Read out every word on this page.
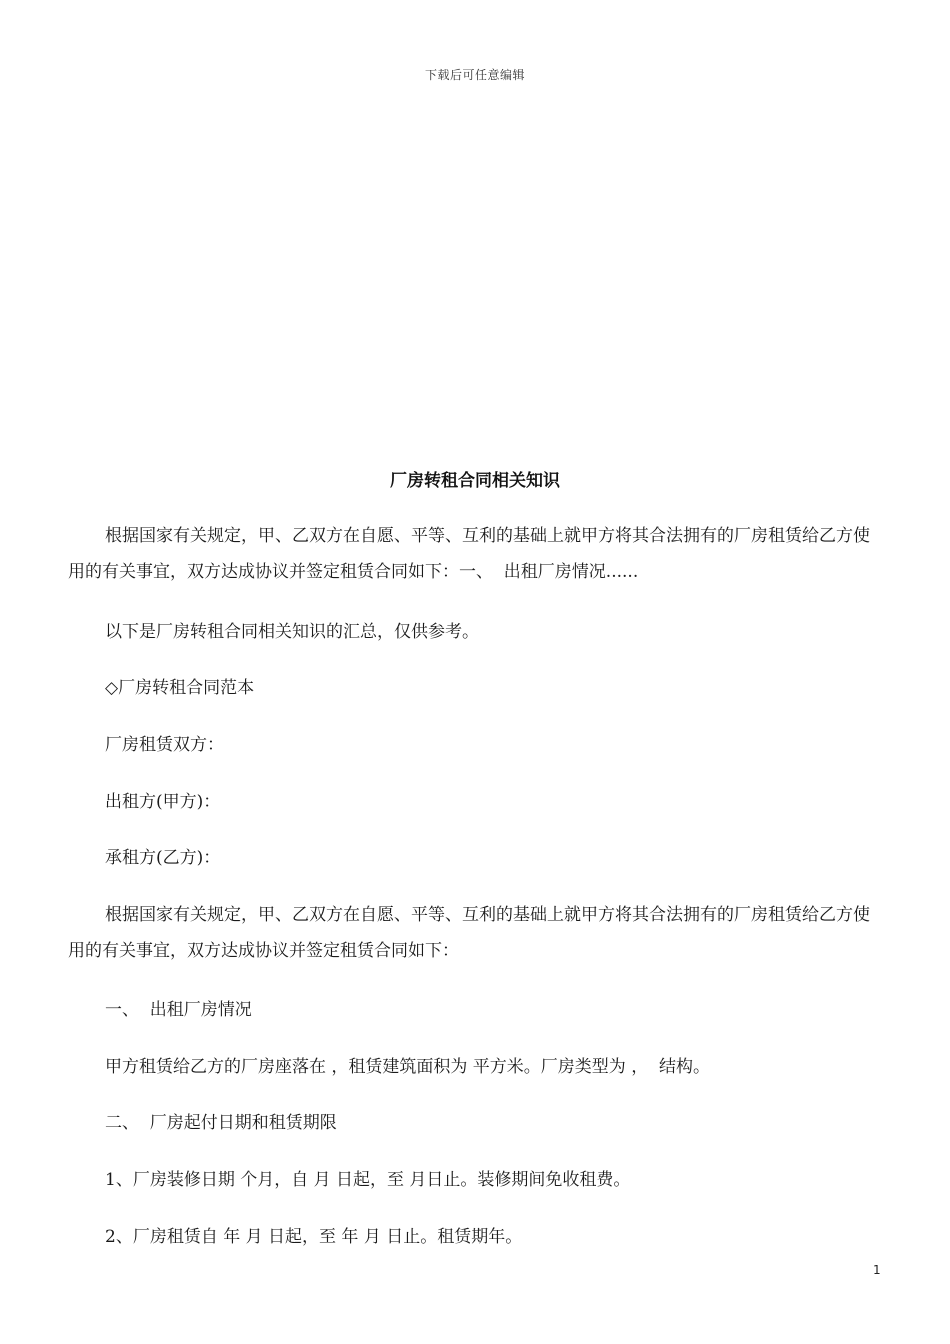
下载后可任意编辑
厂房转租合同相关知识

根据国家有关规定，甲、乙双方在自愿、平等、互利的基础上就甲方将其合法拥有的厂房租赁给乙方使用的有关事宜，双方达成协议并签定租赁合同如下：一、  出租厂房情况......

以下是厂房转租合同相关知识的汇总，仅供参考。

◇厂房转租合同范本

厂房租赁双方：

出租方(甲方)：

承租方(乙方)：

根据国家有关规定，甲、乙双方在自愿、平等、互利的基础上就甲方将其合法拥有的厂房租赁给乙方使用的有关事宜，双方达成协议并签定租赁合同如下：

一、  出租厂房情况

甲方租赁给乙方的厂房座落在 ，租赁建筑面积为 平方米。厂房类型为 ，  结构。

二、  厂房起付日期和租赁期限

1、厂房装修日期 个月，自 月 日起，至 月日止。装修期间免收租费。

2、厂房租赁自 年 月 日起，至 年 月 日止。租赁期年。

1
